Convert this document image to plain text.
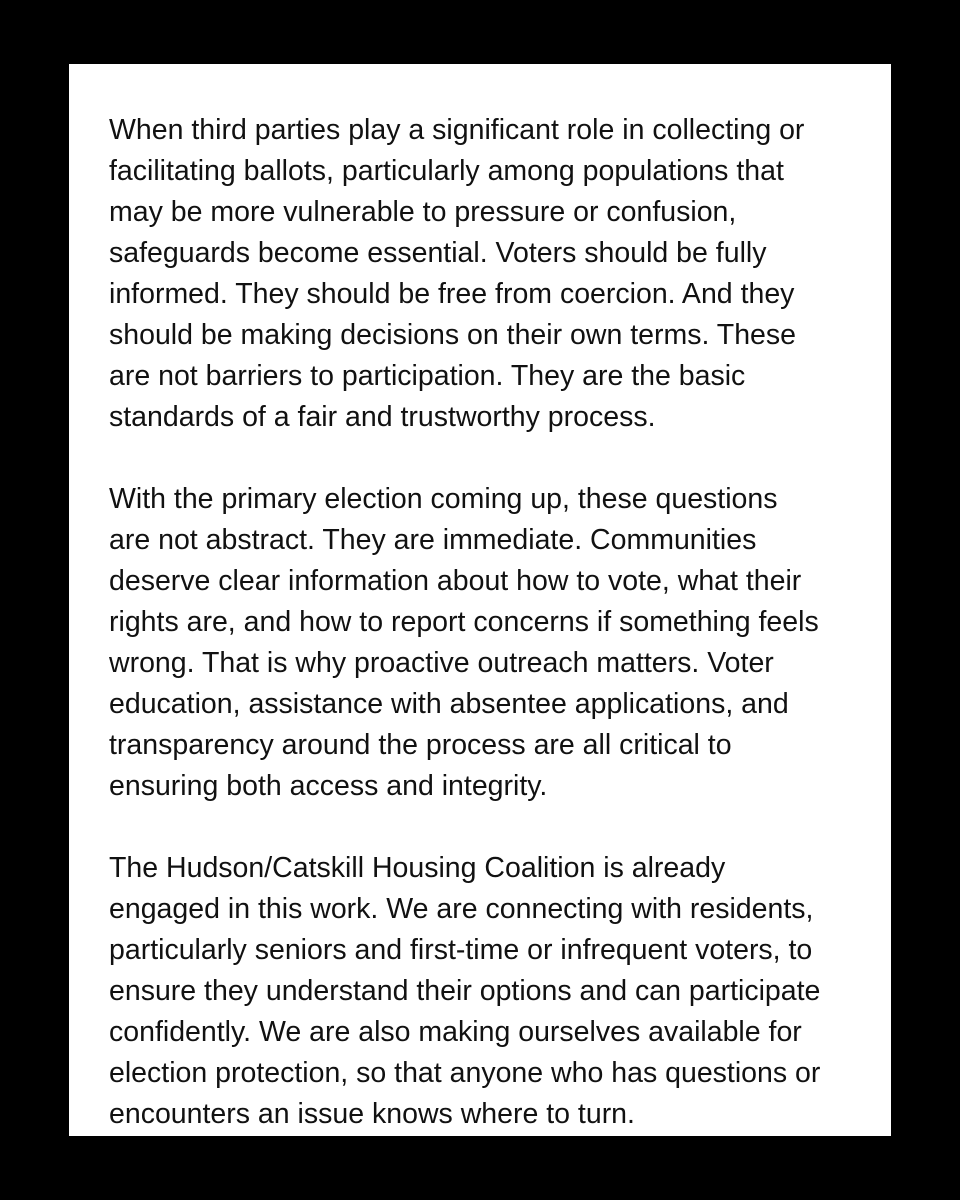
When third parties play a significant role in collecting or
facilitating ballots, particularly among populations that
may be more vulnerable to pressure or confusion,
safeguards become essential. Voters should be fully
informed. They should be free from coercion. And they
should be making decisions on their own terms. These
are not barriers to participation. They are the basic
standards of a fair and trustworthy process.

With the primary election coming up, these questions
are not abstract. They are immediate. Communities
deserve clear information about how to vote, what their
rights are, and how to report concerns if something feels
wrong. That is why proactive outreach matters. Voter
education, assistance with absentee applications, and
transparency around the process are all critical to
ensuring both access and integrity.

The Hudson/Catskill Housing Coalition is already
engaged in this work. We are connecting with residents,
particularly seniors and first-time or infrequent voters, to
ensure they understand their options and can participate
confidently. We are also making ourselves available for
election protection, so that anyone who has questions or
encounters an issue knows where to turn.
